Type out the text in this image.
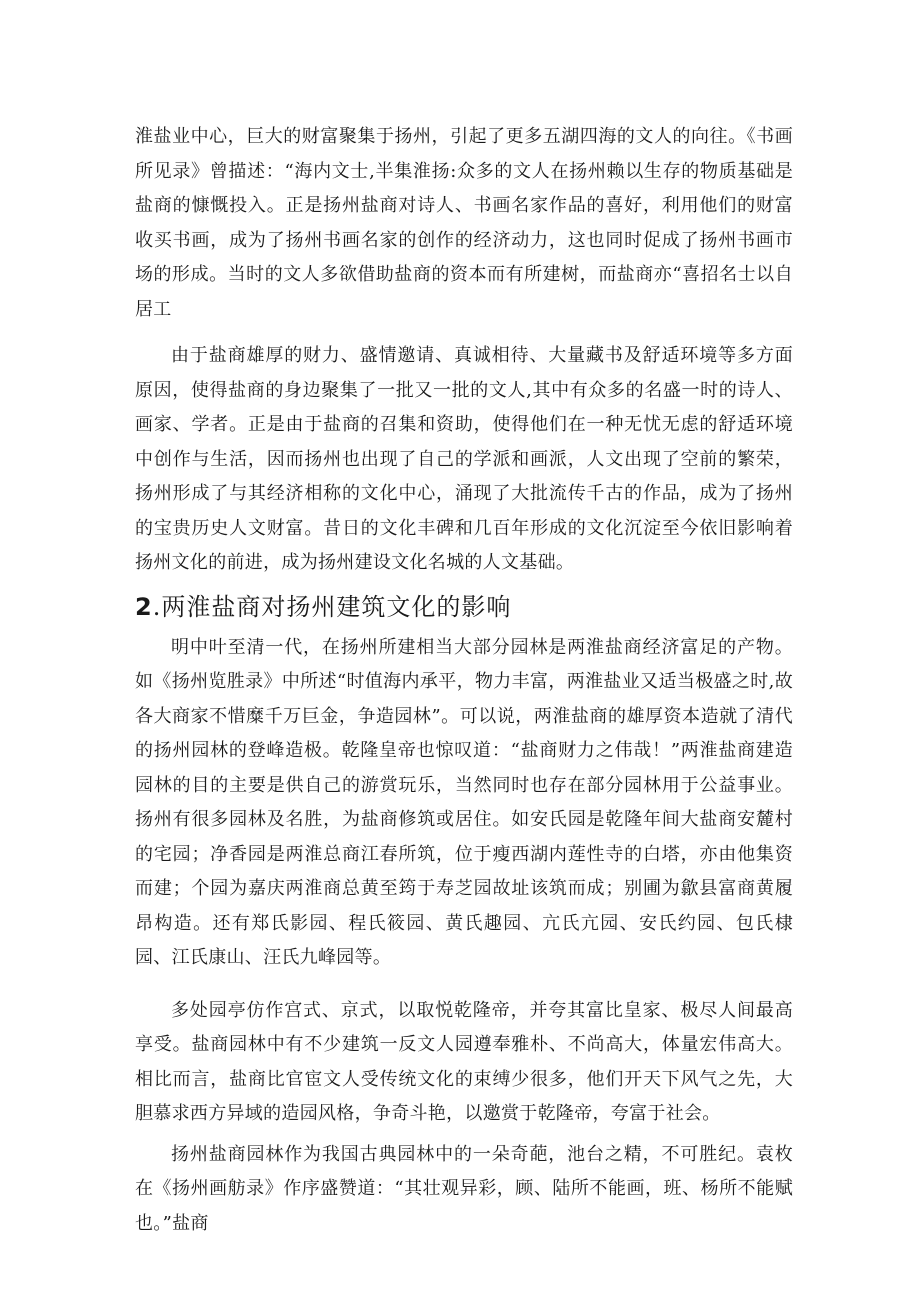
淮盐业中心，巨大的财富聚集于扬州，引起了更多五湖四海的文人的向往。《书画所见录》曾描述：“海内文士,半集淮扬:众多的文人在扬州赖以生存的物质基础是盐商的慷慨投入。正是扬州盐商对诗人、书画名家作品的喜好，利用他们的财富收买书画，成为了扬州书画名家的创作的经济动力，这也同时促成了扬州书画市场的形成。当时的文人多欲借助盐商的资本而有所建树，而盐商亦“喜招名士以自居工

由于盐商雄厚的财力、盛情邀请、真诚相待、大量藏书及舒适环境等多方面原因，使得盐商的身边聚集了一批又一批的文人,其中有众多的名盛一时的诗人、画家、学者。正是由于盐商的召集和资助，使得他们在一种无忧无虑的舒适环境中创作与生活，因而扬州也出现了自己的学派和画派，人文出现了空前的繁荣，扬州形成了与其经济相称的文化中心，涌现了大批流传千古的作品，成为了扬州的宝贵历史人文财富。昔日的文化丰碑和几百年形成的文化沉淀至今依旧影响着扬州文化的前进，成为扬州建设文化名城的人文基础。

2.两淮盐商对扬州建筑文化的影响

明中叶至清一代，在扬州所建相当大部分园林是两淮盐商经济富足的产物。如《扬州览胜录》中所述“时值海内承平，物力丰富，两淮盐业又适当极盛之时,故各大商家不惜糜千万巨金，争造园林”。可以说，两淮盐商的雄厚资本造就了清代的扬州园林的登峰造极。乾隆皇帝也惊叹道：“盐商财力之伟哉！”两淮盐商建造园林的目的主要是供自己的游赏玩乐，当然同时也存在部分园林用于公益事业。扬州有很多园林及名胜，为盐商修筑或居住。如安氏园是乾隆年间大盐商安麓村的宅园；净香园是两淮总商江春所筑，位于瘦西湖内莲性寺的白塔，亦由他集资而建；个园为嘉庆两淮商总黄至筠于寿芝园故址该筑而成；别圃为歙县富商黄履昂构造。还有郑氏影园、程氏筱园、黄氏趣园、亢氏亢园、安氏约园、包氏棣园、江氏康山、汪氏九峰园等。

多处园亭仿作宫式、京式，以取悦乾隆帝，并夸其富比皇家、极尽人间最高享受。盐商园林中有不少建筑一反文人园遵奉雅朴、不尚高大，体量宏伟高大。相比而言，盐商比官宦文人受传统文化的束缚少很多，他们开天下风气之先，大胆慕求西方异域的造园风格，争奇斗艳，以邀赏于乾隆帝，夸富于社会。

扬州盐商园林作为我国古典园林中的一朵奇葩，池台之精，不可胜纪。袁枚在《扬州画舫录》作序盛赞道：“其壮观异彩，顾、陆所不能画，班、杨所不能赋也。”盐商
